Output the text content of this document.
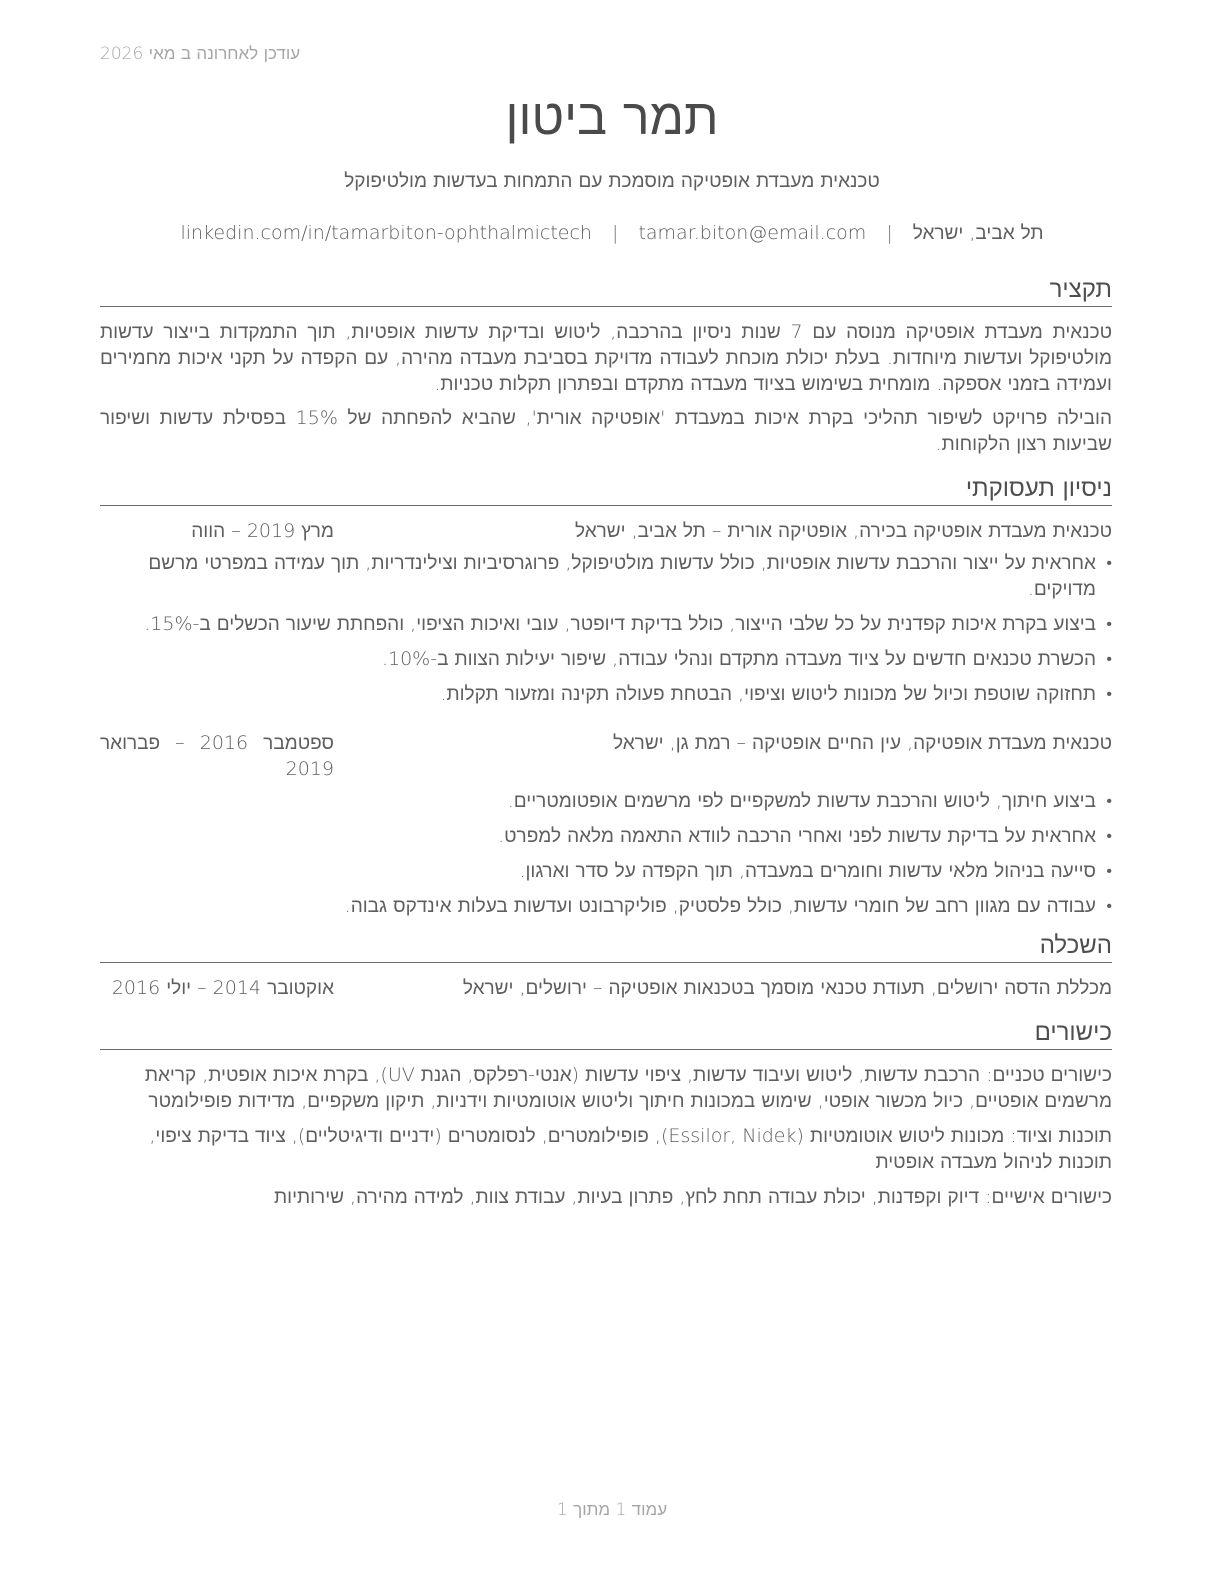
עודכן לאחרונה ב מאי 2026
תמר ביטון
טכנאית מעבדת אופטיקה מוסמכת עם התמחות בעדשות מולטיפוקל
תל אביב, ישראל | tamar.biton@email.com | linkedin.com/in/tamarbiton-ophthalmictech
תקציר

טכנאית מעבדת אופטיקה מנוסה עם 7 שנות ניסיון בהרכבה, ליטוש ובדיקת עדשות אופטיות, תוך התמקדות בייצור עדשות מולטיפוקל ועדשות מיוחדות. בעלת יכולת מוכחת לעבודה מדויקת בסביבת מעבדה מהירה, עם הקפדה על תקני איכות מחמירים ועמידה בזמני אספקה. מומחית בשימוש בציוד מעבדה מתקדם ובפתרון תקלות טכניות.

הובילה פרויקט לשיפור תהליכי בקרת איכות במעבדת 'אופטיקה אורית', שהביא להפחתה של 15% בפסילת עדשות ושיפור שביעות רצון הלקוחות.

ניסיון תעסוקתי
טכנאית מעבדת אופטיקה בכירה, אופטיקה אורית – תל אביב, ישראל
מרץ 2019 – הווה
• אחראית על ייצור והרכבת עדשות אופטיות, כולל עדשות מולטיפוקל, פרוגרסיביות וצילינדריות, תוך עמידה במפרטי מרשם מדויקים.
• ביצוע בקרת איכות קפדנית על כל שלבי הייצור, כולל בדיקת דיופטר, עובי ואיכות הציפוי, והפחתת שיעור הכשלים ב-15%.
• הכשרת טכנאים חדשים על ציוד מעבדה מתקדם ונהלי עבודה, שיפור יעילות הצוות ב-10%.
• תחזוקה שוטפת וכיול של מכונות ליטוש וציפוי, הבטחת פעולה תקינה ומזעור תקלות.
טכנאית מעבדת אופטיקה, עין החיים אופטיקה – רמת גן, ישראל
ספטמבר 2016 – פברואר 2019
• ביצוע חיתוך, ליטוש והרכבת עדשות למשקפיים לפי מרשמים אופטומטריים.
• אחראית על בדיקת עדשות לפני ואחרי הרכבה לוודא התאמה מלאה למפרט.
• סייעה בניהול מלאי עדשות וחומרים במעבדה, תוך הקפדה על סדר וארגון.
• עבודה עם מגוון רחב של חומרי עדשות, כולל פלסטיק, פוליקרבונט ועדשות בעלות אינדקס גבוה.
השכלה
מכללת הדסה ירושלים, תעודת טכנאי מוסמך בטכנאות אופטיקה – ירושלים, ישראל
אוקטובר 2014 – יולי 2016
כישורים

כישורים טכניים: הרכבת עדשות, ליטוש ועיבוד עדשות, ציפוי עדשות (אנטי-רפלקס, הגנת UV), בקרת איכות אופטית, קריאת מרשמים אופטיים, כיול מכשור אופטי, שימוש במכונות חיתוך וליטוש אוטומטיות וידניות, תיקון משקפיים, מדידות פופילומטר

תוכנות וציוד: מכונות ליטוש אוטומטיות (Essilor, Nidek), פופילומטרים, לנסומטרים (ידניים ודיגיטליים), ציוד בדיקת ציפוי, תוכנות לניהול מעבדה אופטית

כישורים אישיים: דיוק וקפדנות, יכולת עבודה תחת לחץ, פתרון בעיות, עבודת צוות, למידה מהירה, שירותיות

עמוד 1 מתוך 1
